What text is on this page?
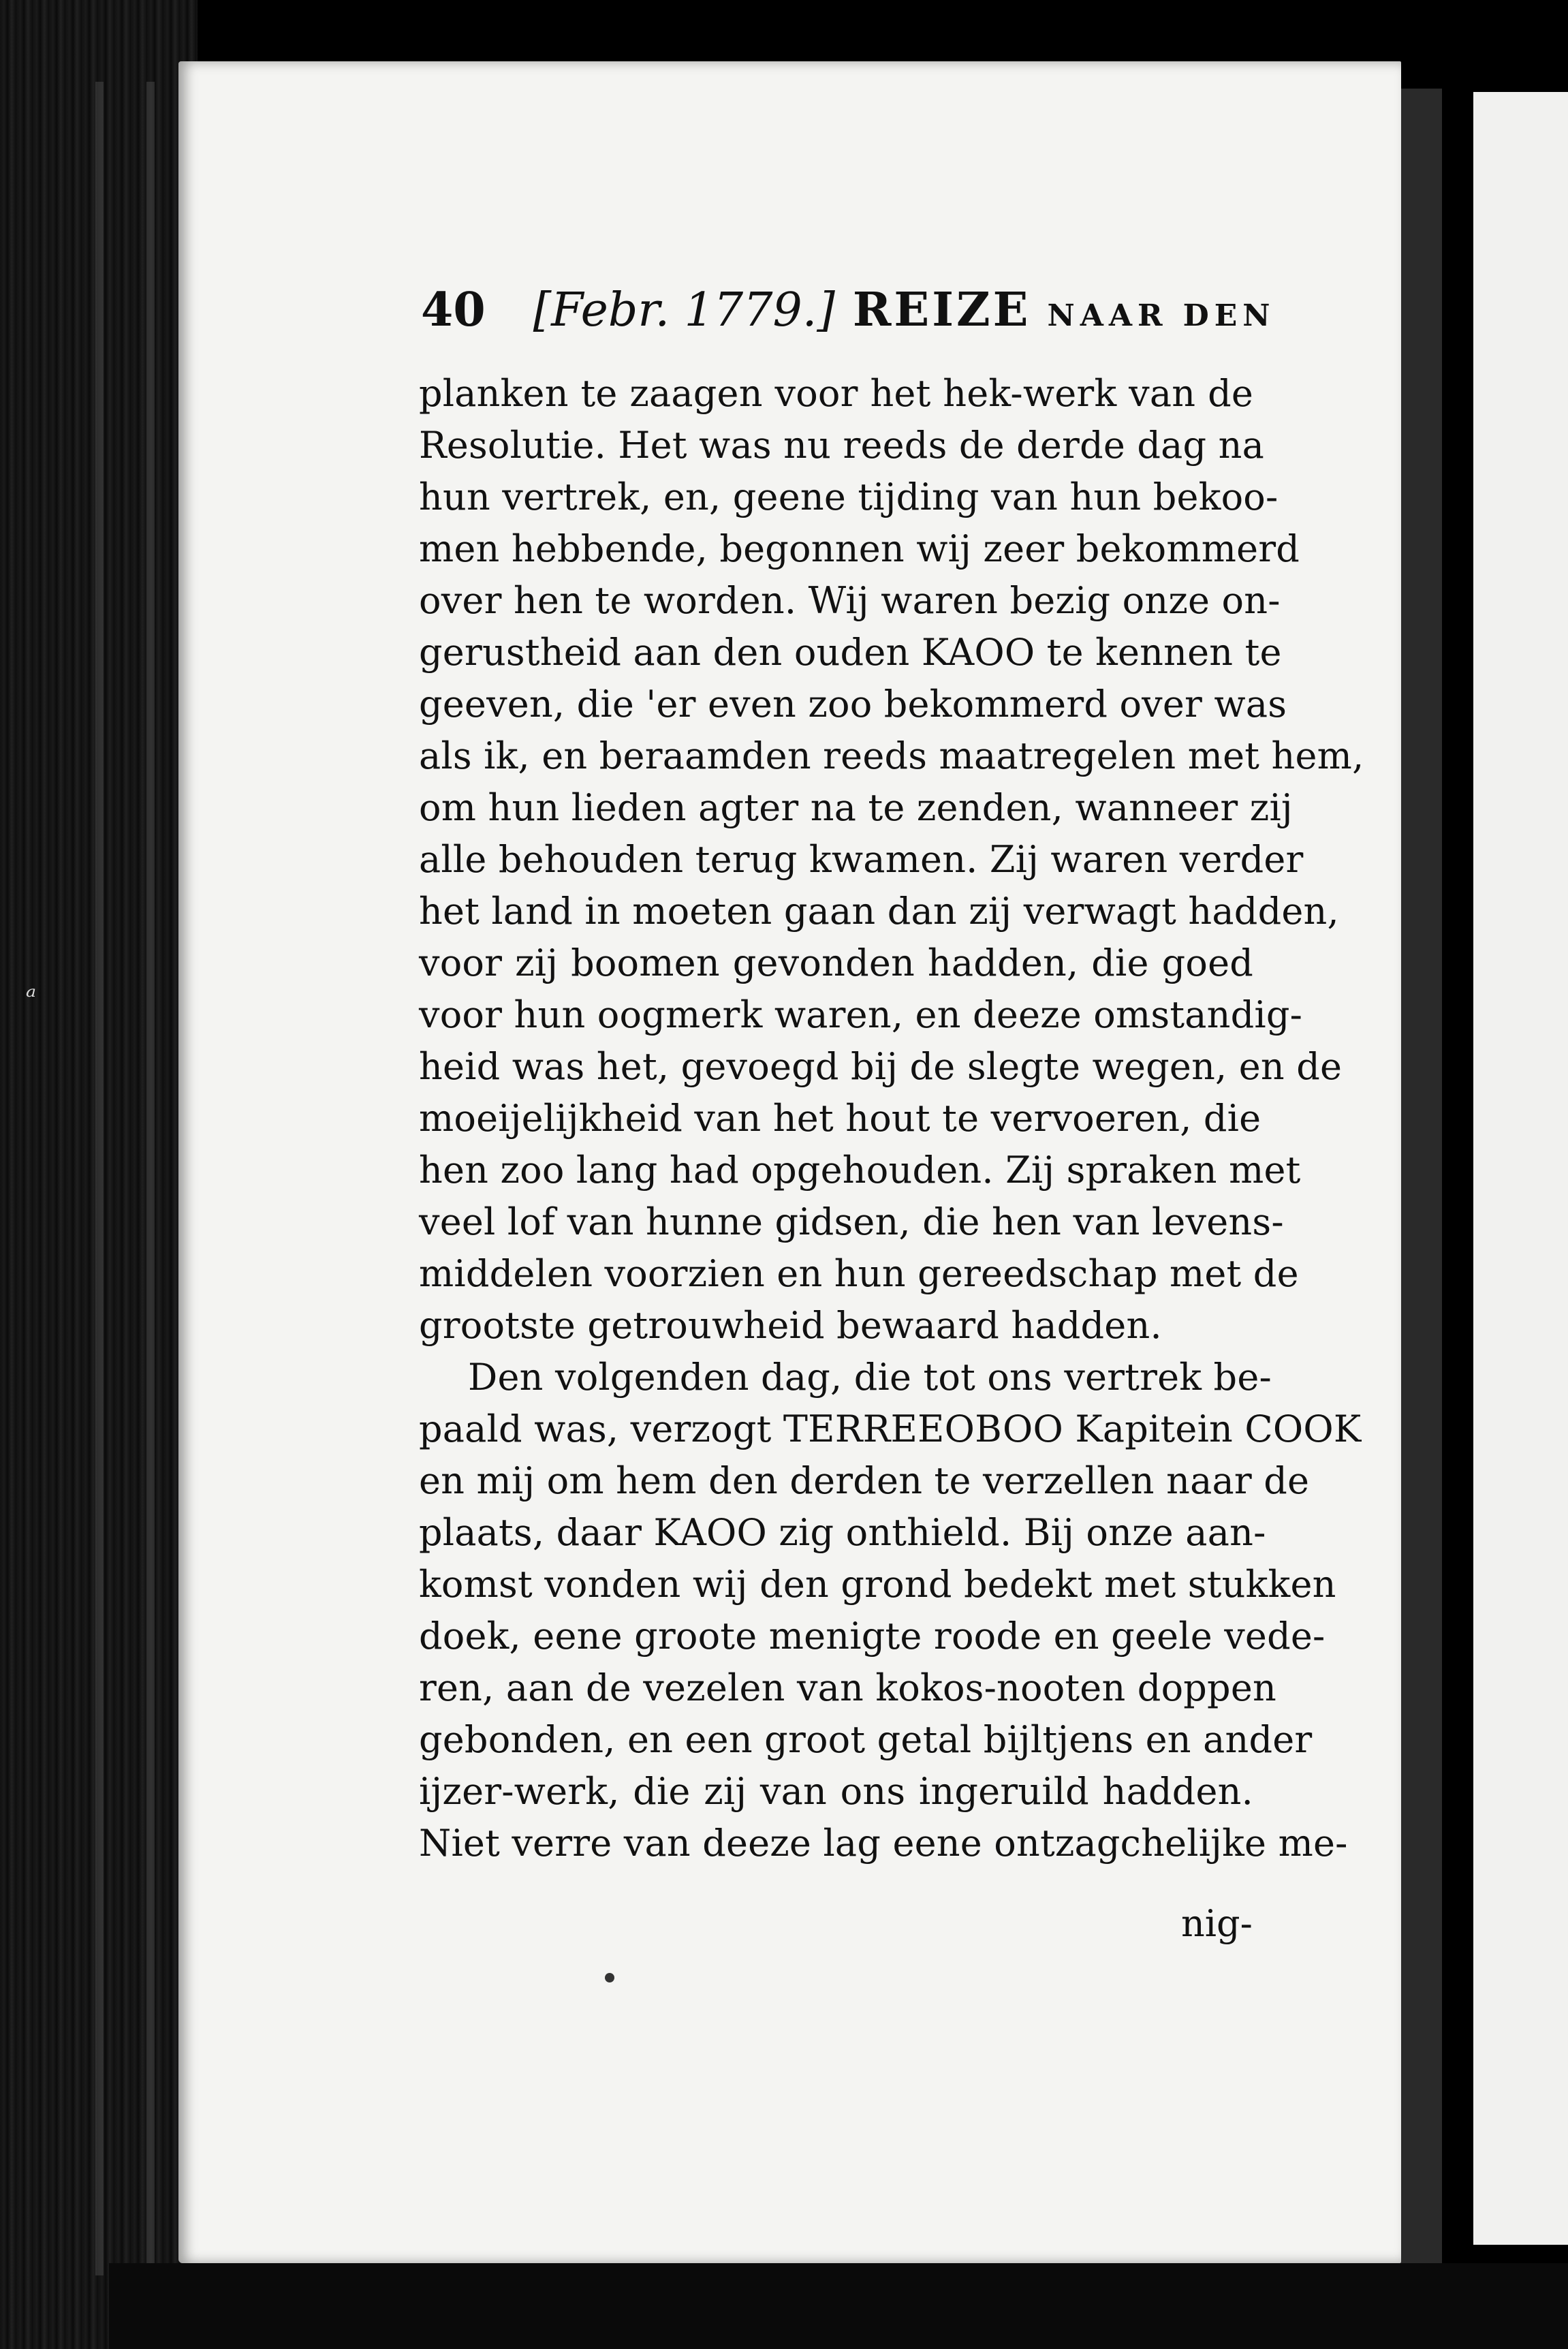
ᵃ
40 [Febr. 1779.] REIZE NAAR DEN
planken te zaagen voor het hek-werk van de
Resolutie. Het was nu reeds de derde dag na
hun vertrek, en, geene tijding van hun bekoo-
men hebbende, begonnen wij zeer bekommerd
over hen te worden. Wij waren bezig onze on-
gerustheid aan den ouden KAOO te kennen te
geeven, die 'er even zoo bekommerd over was
als ik, en beraamden reeds maatregelen met hem,
om hun lieden agter na te zenden, wanneer zij
alle behouden terug kwamen. Zij waren verder
het land in moeten gaan dan zij verwagt hadden,
voor zij boomen gevonden hadden, die goed
voor hun oogmerk waren, en deeze omstandig-
heid was het, gevoegd bij de slegte wegen, en de
moeijelijkheid van het hout te vervoeren, die
hen zoo lang had opgehouden. Zij spraken met
veel lof van hunne gidsen, die hen van levens-
middelen voorzien en hun gereedschap met de
grootste getrouwheid bewaard hadden.
Den volgenden dag, die tot ons vertrek be-
paald was, verzogt TERREEOBOO Kapitein COOK
en mij om hem den derden te verzellen naar de
plaats, daar KAOO zig onthield. Bij onze aan-
komst vonden wij den grond bedekt met stukken
doek, eene groote menigte roode en geele vede-
ren, aan de vezelen van kokos-nooten doppen
gebonden, en een groot getal bijltjens en ander
ijzer-werk, die zij van ons ingeruild hadden.
Niet verre van deeze lag eene ontzagchelijke me-
nig-
